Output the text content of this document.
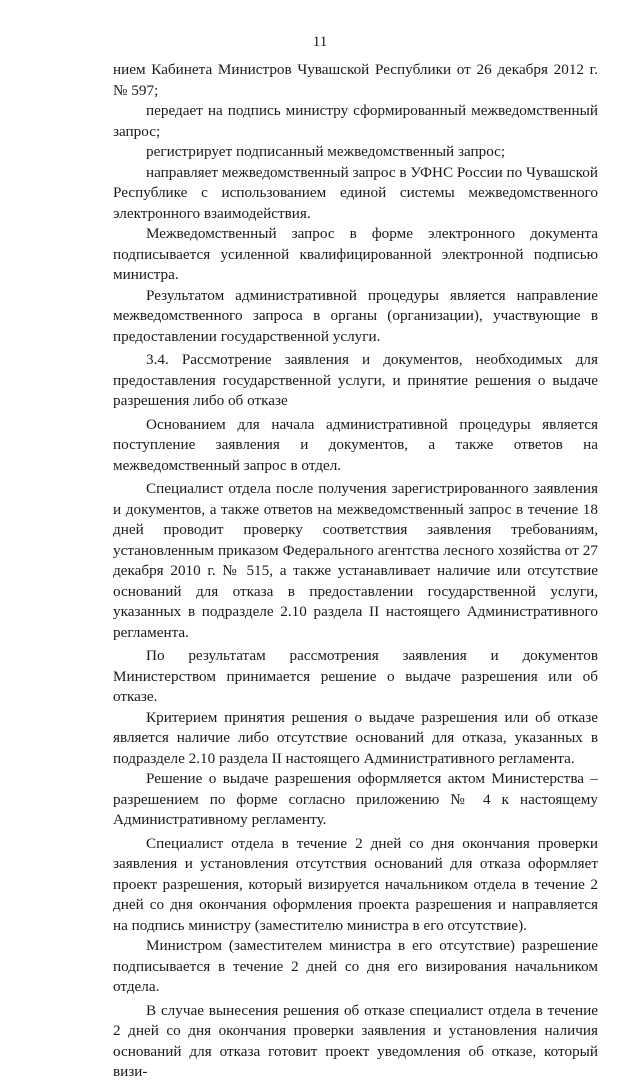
11

нием Кабинета Министров Чувашской Республики от 26 декабря 2012 г. № 597;

передает на подпись министру сформированный межведомственный запрос;

регистрирует подписанный межведомственный запрос;

направляет межведомственный запрос в УФНС России по Чувашской Республике с использованием единой системы межведомственного электронного взаимодействия.

Межведомственный запрос в форме электронного документа подписывается усиленной квалифицированной электронной подписью министра.

Результатом административной процедуры является направление межведомственного запроса в органы (организации), участвующие в предоставлении государственной услуги.

3.4. Рассмотрение заявления и документов, необходимых для предоставления государственной услуги, и принятие решения о выдаче разрешения либо об отказе

Основанием для начала административной процедуры является поступление заявления и документов, а также ответов на межведомственный запрос в отдел.

Специалист отдела после получения зарегистрированного заявления и документов, а также ответов на межведомственный запрос в течение 18 дней проводит проверку соответствия заявления требованиям, установленным приказом Федерального агентства лесного хозяйства от 27 декабря 2010 г. № 515, а также устанавливает наличие или отсутствие оснований для отказа в предоставлении государственной услуги, указанных в подразделе 2.10 раздела II настоящего Административного регламента.

По результатам рассмотрения заявления и документов Министерством принимается решение о выдаче разрешения или об отказе.

Критерием принятия решения о выдаче разрешения или об отказе является наличие либо отсутствие оснований для отказа, указанных в подразделе 2.10 раздела II настоящего Административного регламента.

Решение о выдаче разрешения оформляется актом Министерства – разрешением по форме согласно приложению № 4 к настоящему Административному регламенту.

Специалист отдела в течение 2 дней со дня окончания проверки заявления и установления отсутствия оснований для отказа оформляет проект разрешения, который визируется начальником отдела в течение 2 дней со дня окончания оформления проекта разрешения и направляется на подпись министру (заместителю министра в его отсутствие).

Министром (заместителем министра в его отсутствие) разрешение подписывается в течение 2 дней со дня его визирования начальником отдела.

В случае вынесения решения об отказе специалист отдела в течение 2 дней со дня окончания проверки заявления и установления наличия оснований для отказа готовит проект уведомления об отказе, который визи-
